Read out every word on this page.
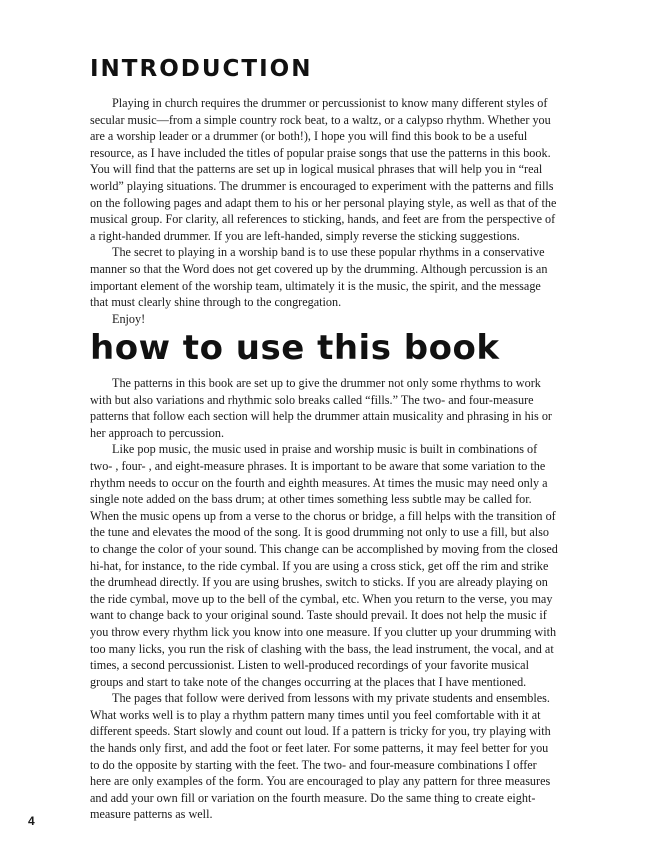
introduction

Playing in church requires the drummer or percussionist to know many different styles of secular music—from a simple country rock beat, to a waltz, or a calypso rhythm. Whether you are a worship leader or a drummer (or both!), I hope you will find this book to be a useful resource, as I have included the titles of popular praise songs that use the patterns in this book. You will find that the patterns are set up in logical musical phrases that will help you in “real world” playing situations. The drummer is encouraged to experiment with the patterns and fills on the following pages and adapt them to his or her personal playing style, as well as that of the musical group. For clarity, all references to sticking, hands, and feet are from the perspective of a right-handed drummer. If you are left-handed, simply reverse the sticking suggestions.

The secret to playing in a worship band is to use these popular rhythms in a conservative manner so that the Word does not get covered up by the drumming. Although percussion is an important element of the worship team, ultimately it is the music, the spirit, and the message that must clearly shine through to the congregation.

Enjoy!

how to use this book

The patterns in this book are set up to give the drummer not only some rhythms to work with but also variations and rhythmic solo breaks called “fills.” The two- and four-measure patterns that follow each section will help the drummer attain musicality and phrasing in his or her approach to percussion.

Like pop music, the music used in praise and worship music is built in combinations of two- , four- , and eight-measure phrases. It is important to be aware that some variation to the rhythm needs to occur on the fourth and eighth measures. At times the music may need only a single note added on the bass drum; at other times something less subtle may be called for. When the music opens up from a verse to the chorus or bridge, a fill helps with the transition of the tune and elevates the mood of the song. It is good drumming not only to use a fill, but also to change the color of your sound. This change can be accomplished by moving from the closed hi-hat, for instance, to the ride cymbal. If you are using a cross stick, get off the rim and strike the drumhead directly. If you are using brushes, switch to sticks. If you are already playing on the ride cymbal, move up to the bell of the cymbal, etc. When you return to the verse, you may want to change back to your original sound. Taste should prevail. It does not help the music if you throw every rhythm lick you know into one measure. If you clutter up your drumming with too many licks, you run the risk of clashing with the bass, the lead instrument, the vocal, and at times, a second percussionist. Listen to well-produced recordings of your favorite musical groups and start to take note of the changes occurring at the places that I have mentioned.

The pages that follow were derived from lessons with my private students and ensembles. What works well is to play a rhythm pattern many times until you feel comfortable with it at different speeds. Start slowly and count out loud. If a pattern is tricky for you, try playing with the hands only first, and add the foot or feet later. For some patterns, it may feel better for you to do the opposite by starting with the feet. The two- and four-measure combinations I offer here are only examples of the form. You are encouraged to play any pattern for three measures and add your own fill or variation on the fourth measure. Do the same thing to create eight-measure patterns as well.

4
